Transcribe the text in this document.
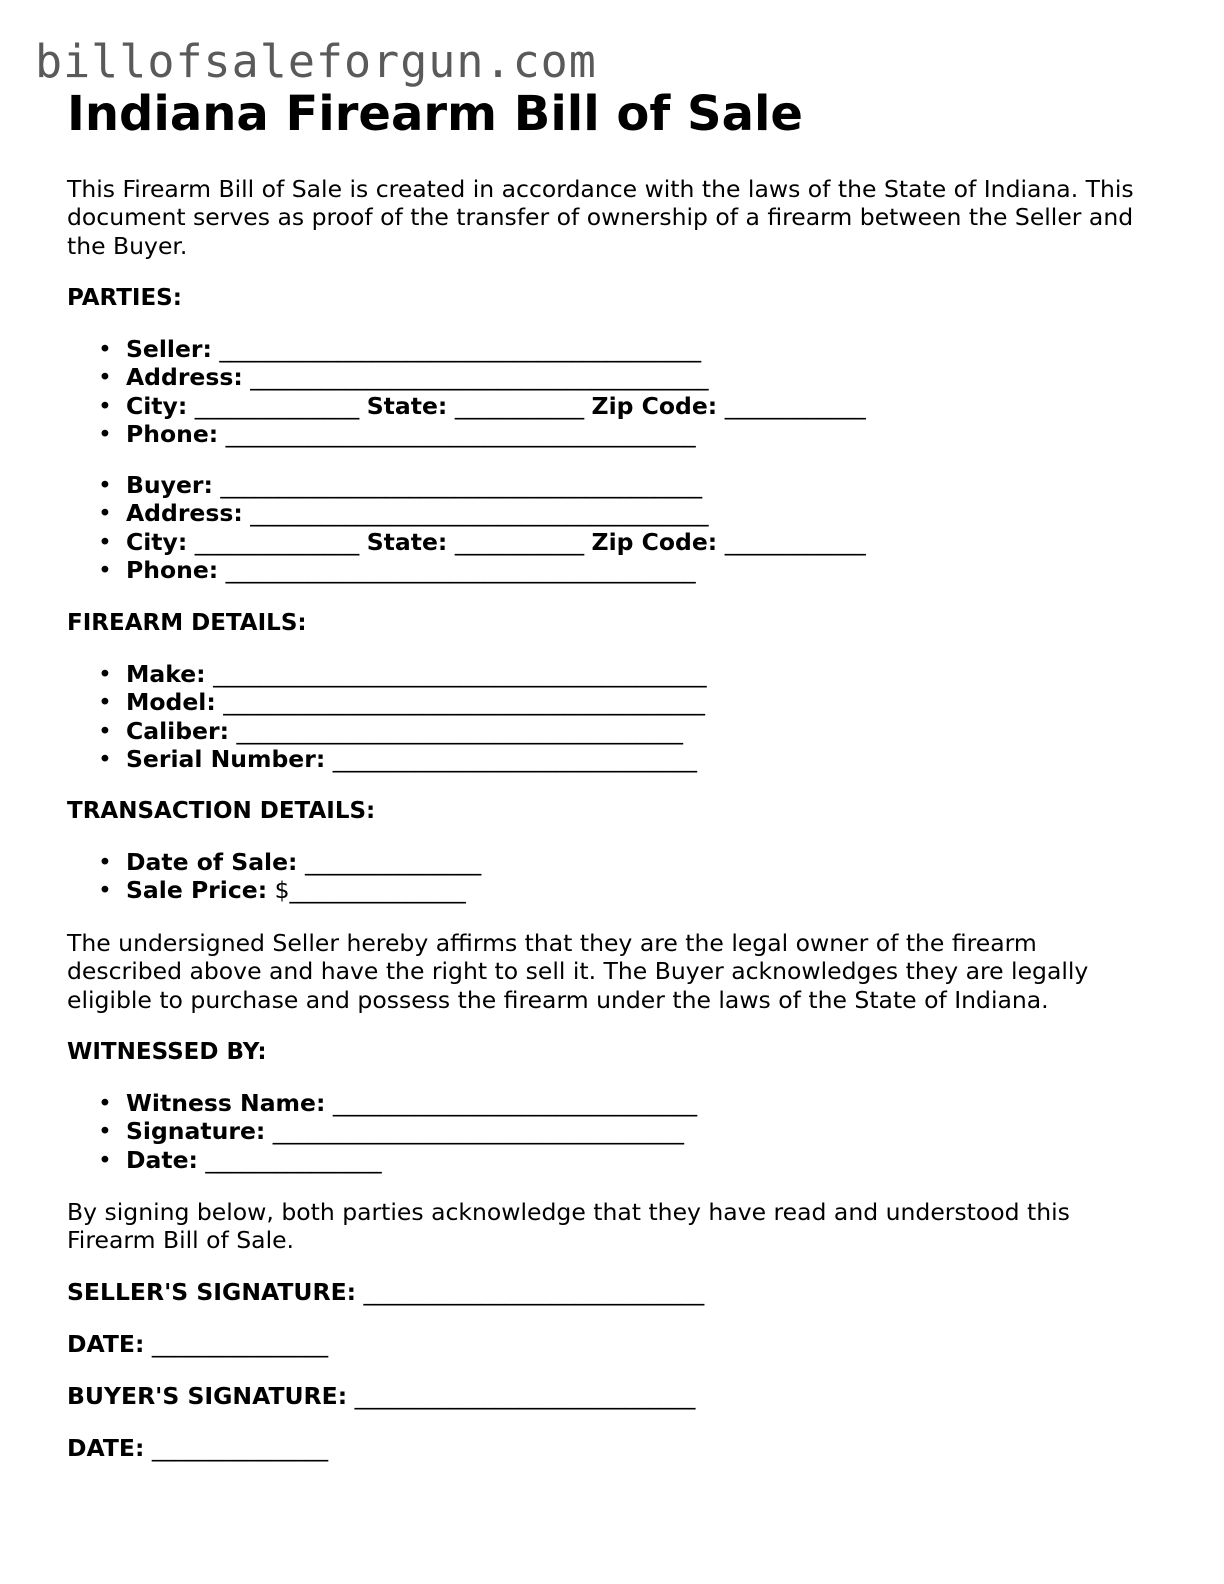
billofsaleforgun.com
Indiana Firearm Bill of Sale

This Firearm Bill of Sale is created in accordance with the laws of the State of Indiana. This document serves as proof of the transfer of ownership of a firearm between the Seller and the Buyer.

PARTIES:
• Seller: _________________________________________
• Address: _______________________________________
• City: ______________ State: ___________ Zip Code: ____________
• Phone: ________________________________________
• Buyer: _________________________________________
• Address: _______________________________________
• City: ______________ State: ___________ Zip Code: ____________
• Phone: ________________________________________
FIREARM DETAILS:
• Make: __________________________________________
• Model: _________________________________________
• Caliber: ______________________________________
• Serial Number: _______________________________
TRANSACTION DETAILS:
• Date of Sale: _______________
• Sale Price: $_______________

The undersigned Seller hereby affirms that they are the legal owner of the firearm described above and have the right to sell it. The Buyer acknowledges they are legally eligible to purchase and possess the firearm under the laws of the State of Indiana.

WITNESSED BY:
• Witness Name: _______________________________
• Signature: ___________________________________
• Date: _______________

By signing below, both parties acknowledge that they have read and understood this Firearm Bill of Sale.

SELLER'S SIGNATURE: _____________________________
DATE: _______________
BUYER'S SIGNATURE: _____________________________
DATE: _______________
